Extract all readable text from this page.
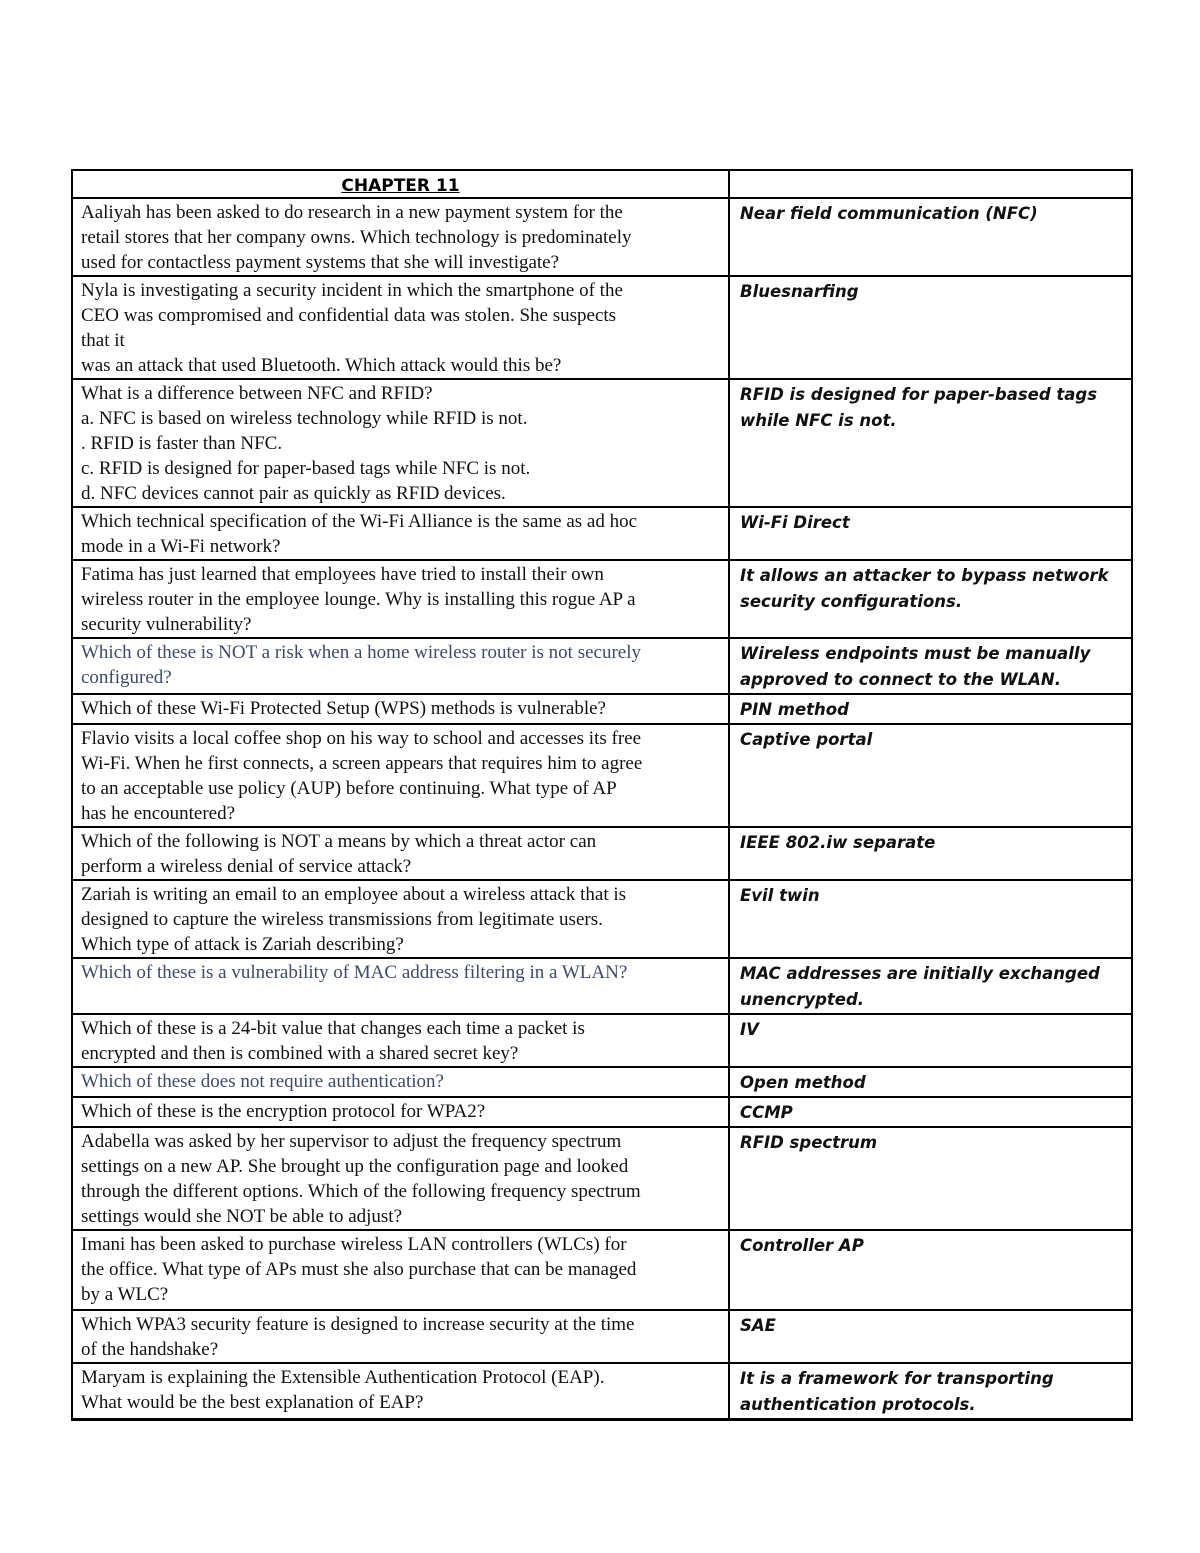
CHAPTER 11	

Aaliyah has been asked to do research in a new payment system for the
retail stores that her company owns. Which technology is predominately
used for contactless payment systems that she will investigate?	Near field communication (NFC)

Nyla is investigating a security incident in which the smartphone of the
CEO was compromised and confidential data was stolen. She suspects
that it
was an attack that used Bluetooth. Which attack would this be?	Bluesnarfing

What is a difference between NFC and RFID?
a. NFC is based on wireless technology while RFID is not.
. RFID is faster than NFC.
c. RFID is designed for paper-based tags while NFC is not.
d. NFC devices cannot pair as quickly as RFID devices.	RFID is designed for paper-based tags
while NFC is not.

Which technical specification of the Wi-Fi Alliance is the same as ad hoc
mode in a Wi-Fi network?	Wi-Fi Direct

Fatima has just learned that employees have tried to install their own
wireless router in the employee lounge. Why is installing this rogue AP a
security vulnerability?	It allows an attacker to bypass network
security configurations.

Which of these is NOT a risk when a home wireless router is not securely
configured?	Wireless endpoints must be manually
approved to connect to the WLAN.

Which of these Wi-Fi Protected Setup (WPS) methods is vulnerable?	PIN method

Flavio visits a local coffee shop on his way to school and accesses its free
Wi-Fi. When he first connects, a screen appears that requires him to agree
to an acceptable use policy (AUP) before continuing. What type of AP
has he encountered?	Captive portal

Which of the following is NOT a means by which a threat actor can
perform a wireless denial of service attack?	IEEE 802.iw separate

Zariah is writing an email to an employee about a wireless attack that is
designed to capture the wireless transmissions from legitimate users.
Which type of attack is Zariah describing?	Evil twin

Which of these is a vulnerability of MAC address filtering in a WLAN?	MAC addresses are initially exchanged
unencrypted.

Which of these is a 24-bit value that changes each time a packet is
encrypted and then is combined with a shared secret key?	IV

Which of these does not require authentication?	Open method

Which of these is the encryption protocol for WPA2?	CCMP

Adabella was asked by her supervisor to adjust the frequency spectrum
settings on a new AP. She brought up the configuration page and looked
through the different options. Which of the following frequency spectrum
settings would she NOT be able to adjust?	RFID spectrum

Imani has been asked to purchase wireless LAN controllers (WLCs) for
the office. What type of APs must she also purchase that can be managed
by a WLC?	Controller AP

Which WPA3 security feature is designed to increase security at the time
of the handshake?	SAE

Maryam is explaining the Extensible Authentication Protocol (EAP).
What would be the best explanation of EAP?	It is a framework for transporting
authentication protocols.
